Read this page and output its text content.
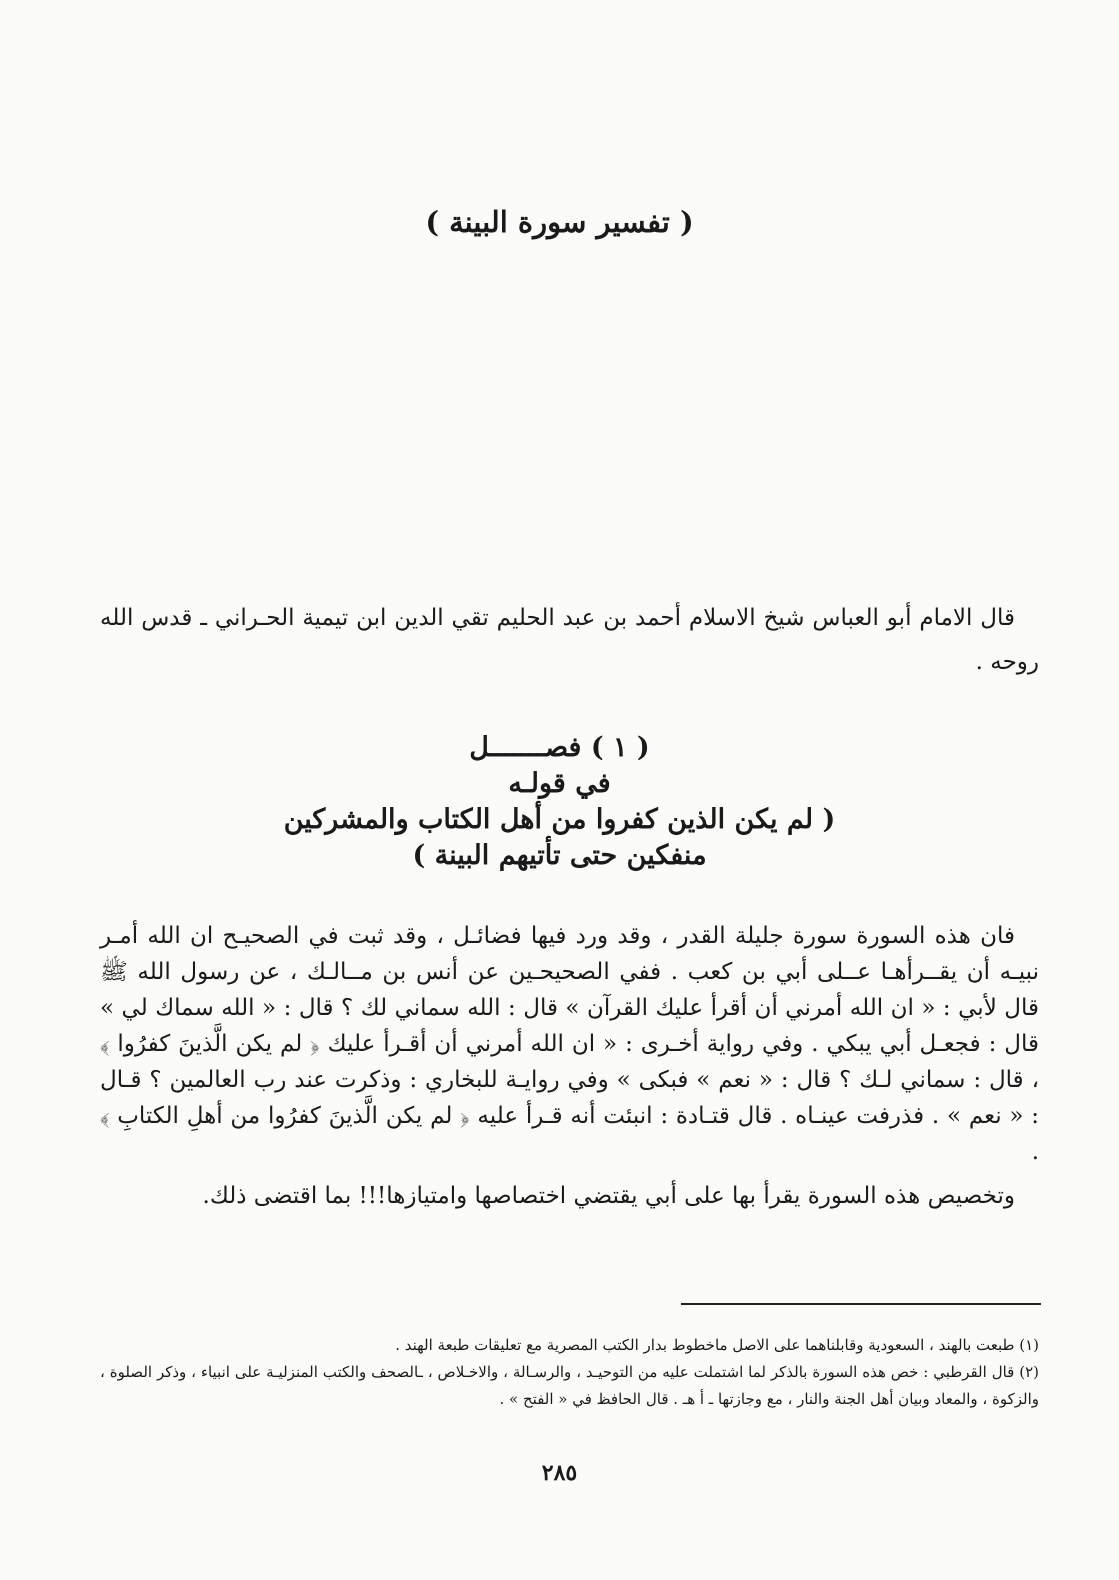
( تفسير سورة البينة )

قال الامام أبو العباس شيخ الاسلام أحمد بن عبد الحليم تقي الدين ابن تيمية الحـراني ـ قدس الله روحه .

( ١ ) فصـــــــل
في قولـه
( لم يكن الذين كفروا من أهل الكتاب والمشركين
منفكين حتى تأتيهم البينة )

فان هذه السورة سورة جليلة القدر ، وقد ورد فيها فضائـل ، وقد ثبت في الصحيـح ان الله أمـر نبيـه أن يقــرأهـا عــلى أبي بن كعب . ففي الصحيحـين عن أنس بن مــالـك ، عن رسول الله ﷺ قال لأبي : « ان الله أمرني أن أقرأ عليك القرآن » قال : الله سماني لك ؟ قال : « الله سماك لي » قال : فجعـل أبي يبكي . وفي رواية أخـرى : « ان الله أمرني أن أقـرأ عليك ﴿ لم يكن الَّذينَ كفرُوا ﴾ ، قال : سماني لـك ؟ قال : « نعم » فبكى » وفي روايـة للبخاري : وذكرت عند رب العالمين ؟ قـال : « نعم » . فذرفت عينـاه . قال قتـادة : انبئت أنه قـرأ عليه ﴿ لم يكن الَّذينَ كفرُوا من أهلِ الكتابِ ﴾ .

وتخصيص هذه السورة يقرأ بها على أبي يقتضي اختصاصها وامتيازها!!! بما اقتضى ذلك.

(١) طبعت بالهند ، السعودية وقابلناهما على الاصل ماخطوط بدار الكتب المصرية مع تعليقات طبعة الهند .

(٢) قال القرطبي : خص هذه السورة بالذكر لما اشتملت عليه من التوحيـد ، والرسـالة ، والاخـلاص ، ـالصحف والكتب المنزليـة على انبياء ، وذكر الصلوة ، والزكوة ، والمعاد وبيان أهل الجنة والنار ، مع وجازتها ـ أ هـ . قال الحافظ في « الفتح » .

٢٨٥
